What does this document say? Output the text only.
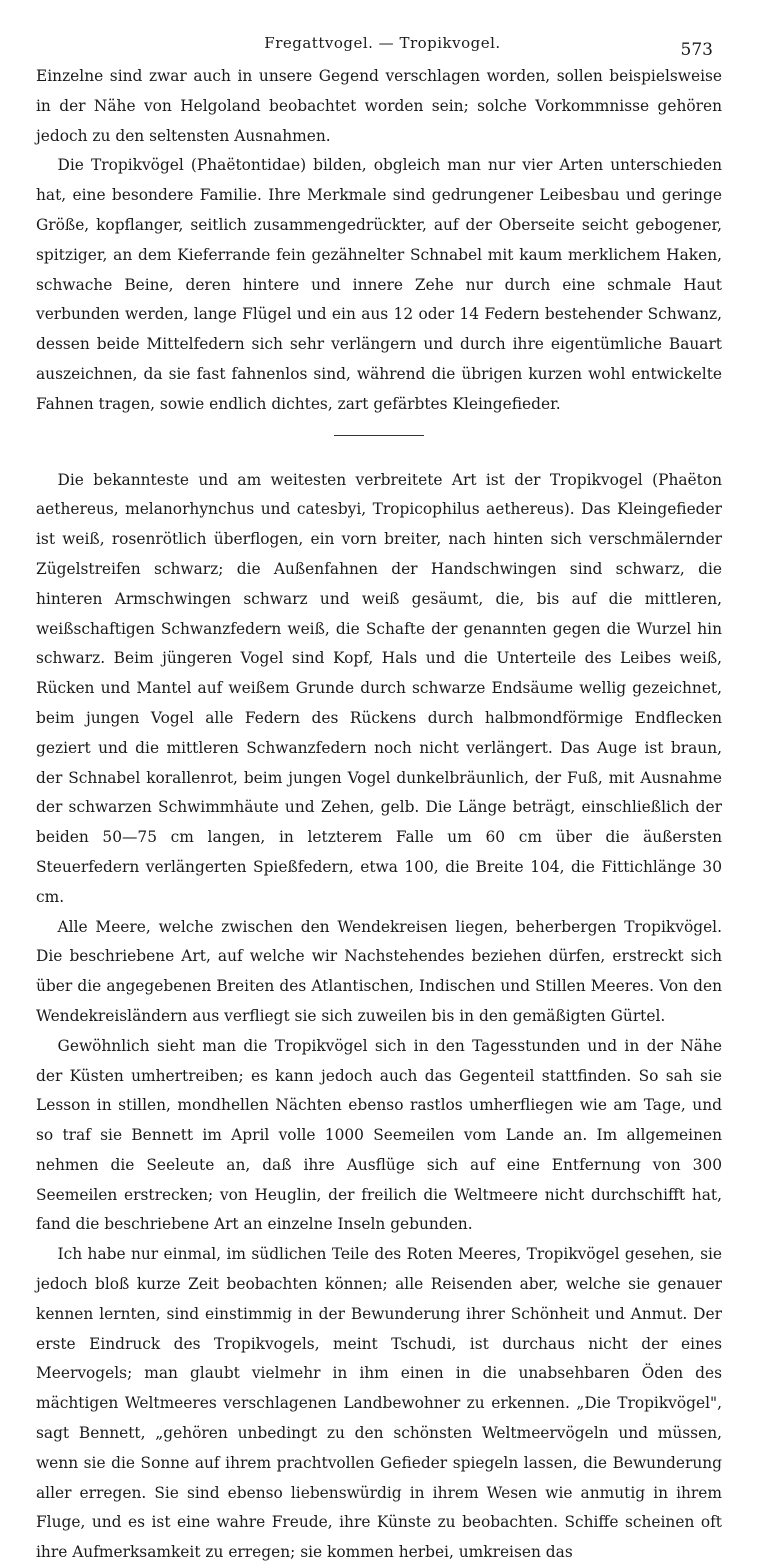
Fregattvogel. — Tropikvogel.	573

Einzelne sind zwar auch in unsere Gegend verschlagen worden, sollen beispielsweise in der Nähe von Helgoland beobachtet worden sein; solche Vorkommnisse gehören jedoch zu den seltensten Ausnahmen.

Die Tropikvögel (Phaëtontidae) bilden, obgleich man nur vier Arten unterschieden hat, eine besondere Familie. Ihre Merkmale sind gedrungener Leibesbau und geringe Größe, kopflanger, seitlich zusammengedrückter, auf der Oberseite seicht gebogener, spitziger, an dem Kieferrande fein gezähnelter Schnabel mit kaum merklichem Haken, schwache Beine, deren hintere und innere Zehe nur durch eine schmale Haut verbunden werden, lange Flügel und ein aus 12 oder 14 Federn bestehender Schwanz, dessen beide Mittelfedern sich sehr verlängern und durch ihre eigentümliche Bauart auszeichnen, da sie fast fahnenlos sind, während die übrigen kurzen wohl entwickelte Fahnen tragen, sowie endlich dichtes, zart gefärbtes Kleingefieder.

Die bekannteste und am weitesten verbreitete Art ist der Tropikvogel (Phaëton aethereus, melanorhynchus und catesbyi, Tropicophilus aethereus). Das Kleingefieder ist weiß, rosenrötlich überflogen, ein vorn breiter, nach hinten sich verschmälernder Zügelstreifen schwarz; die Außenfahnen der Handschwingen sind schwarz, die hinteren Armschwingen schwarz und weiß gesäumt, die, bis auf die mittleren, weißschaftigen Schwanzfedern weiß, die Schafte der genannten gegen die Wurzel hin schwarz. Beim jüngeren Vogel sind Kopf, Hals und die Unterteile des Leibes weiß, Rücken und Mantel auf weißem Grunde durch schwarze Endsäume wellig gezeichnet, beim jungen Vogel alle Federn des Rückens durch halbmondförmige Endflecken geziert und die mittleren Schwanzfedern noch nicht verlängert. Das Auge ist braun, der Schnabel korallenrot, beim jungen Vogel dunkelbräunlich, der Fuß, mit Ausnahme der schwarzen Schwimmhäute und Zehen, gelb. Die Länge beträgt, einschließlich der beiden 50—75 cm langen, in letzterem Falle um 60 cm über die äußersten Steuerfedern verlängerten Spießfedern, etwa 100, die Breite 104, die Fittichlänge 30 cm.

Alle Meere, welche zwischen den Wendekreisen liegen, beherbergen Tropikvögel. Die beschriebene Art, auf welche wir Nachstehendes beziehen dürfen, erstreckt sich über die angegebenen Breiten des Atlantischen, Indischen und Stillen Meeres. Von den Wendekreisländern aus verfliegt sie sich zuweilen bis in den gemäßigten Gürtel.

Gewöhnlich sieht man die Tropikvögel sich in den Tagesstunden und in der Nähe der Küsten umhertreiben; es kann jedoch auch das Gegenteil stattfinden. So sah sie Lesson in stillen, mondhellen Nächten ebenso rastlos umherfliegen wie am Tage, und so traf sie Bennett im April volle 1000 Seemeilen vom Lande an. Im allgemeinen nehmen die Seeleute an, daß ihre Ausflüge sich auf eine Entfernung von 300 Seemeilen erstrecken; von Heuglin, der freilich die Weltmeere nicht durchschifft hat, fand die beschriebene Art an einzelne Inseln gebunden.

Ich habe nur einmal, im südlichen Teile des Roten Meeres, Tropikvögel gesehen, sie jedoch bloß kurze Zeit beobachten können; alle Reisenden aber, welche sie genauer kennen lernten, sind einstimmig in der Bewunderung ihrer Schönheit und Anmut. Der erste Eindruck des Tropikvogels, meint Tschudi, ist durchaus nicht der eines Meervogels; man glaubt vielmehr in ihm einen in die unabsehbaren Öden des mächtigen Weltmeeres verschlagenen Landbewohner zu erkennen. „Die Tropikvögel", sagt Bennett, „gehören unbedingt zu den schönsten Weltmeervögeln und müssen, wenn sie die Sonne auf ihrem prachtvollen Gefieder spiegeln lassen, die Bewunderung aller erregen. Sie sind ebenso liebenswürdig in ihrem Wesen wie anmutig in ihrem Fluge, und es ist eine wahre Freude, ihre Künste zu beobachten. Schiffe scheinen oft ihre Aufmerksamkeit zu erregen; sie kommen herbei, umkreisen das
